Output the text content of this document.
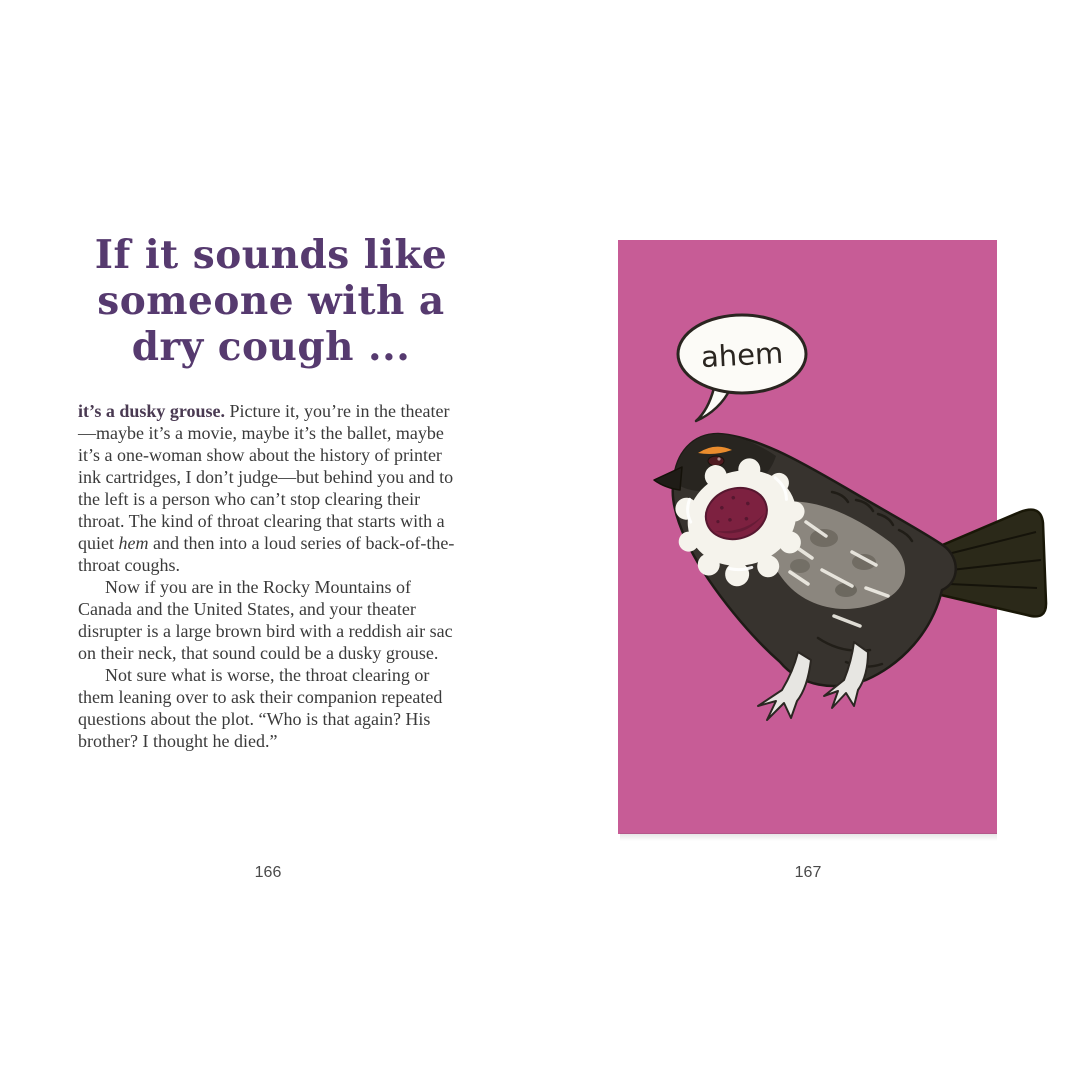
If it sounds like
someone with a
dry cough ...

it’s a dusky grouse. Picture it, you’re in the theater—maybe it’s a movie, maybe it’s the ballet, maybe it’s a one-woman show about the history of printer ink cartridges, I don’t judge—but behind you and to the left is a person who can’t stop clearing their throat. The kind of throat clearing that starts with a quiet hem and then into a loud series of back-of-the-throat coughs.

Now if you are in the Rocky Mountains of Canada and the United States, and your theater disrupter is a large brown bird with a reddish air sac on their neck, that sound could be a dusky grouse.

Not sure what is worse, the throat clearing or them leaning over to ask their companion repeated questions about the plot. “Who is that again? His brother? I thought he died.”

166
ahem
167
